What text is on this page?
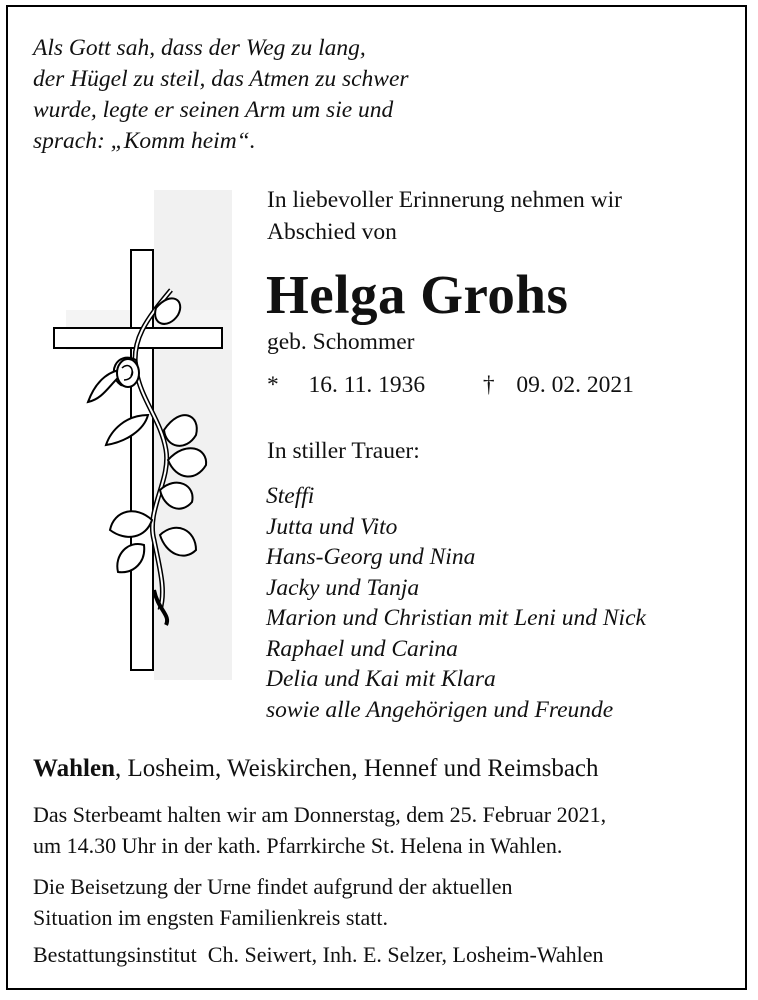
Als Gott sah, dass der Weg zu lang,
der Hügel zu steil, das Atmen zu schwer
wurde, legte er seinen Arm um sie und
sprach: „Komm heim“.
In liebevoller Erinnerung nehmen wir
Abschied von
Helga Grohs
geb. Schommer
* 16. 11. 1936 † 09. 02. 2021
In stiller Trauer:
Steffi
Jutta und Vito
Hans-Georg und Nina
Jacky und Tanja
Marion und Christian mit Leni und Nick
Raphael und Carina
Delia und Kai mit Klara
sowie alle Angehörigen und Freunde
Wahlen, Losheim, Weiskirchen, Hennef und Reimsbach
Das Sterbeamt halten wir am Donnerstag, dem 25. Februar 2021,
um 14.30 Uhr in der kath. Pfarrkirche St. Helena in Wahlen.
Die Beisetzung der Urne findet aufgrund der aktuellen
Situation im engsten Familienkreis statt.
Bestattungsinstitut  Ch. Seiwert, Inh. E. Selzer, Losheim-Wahlen
